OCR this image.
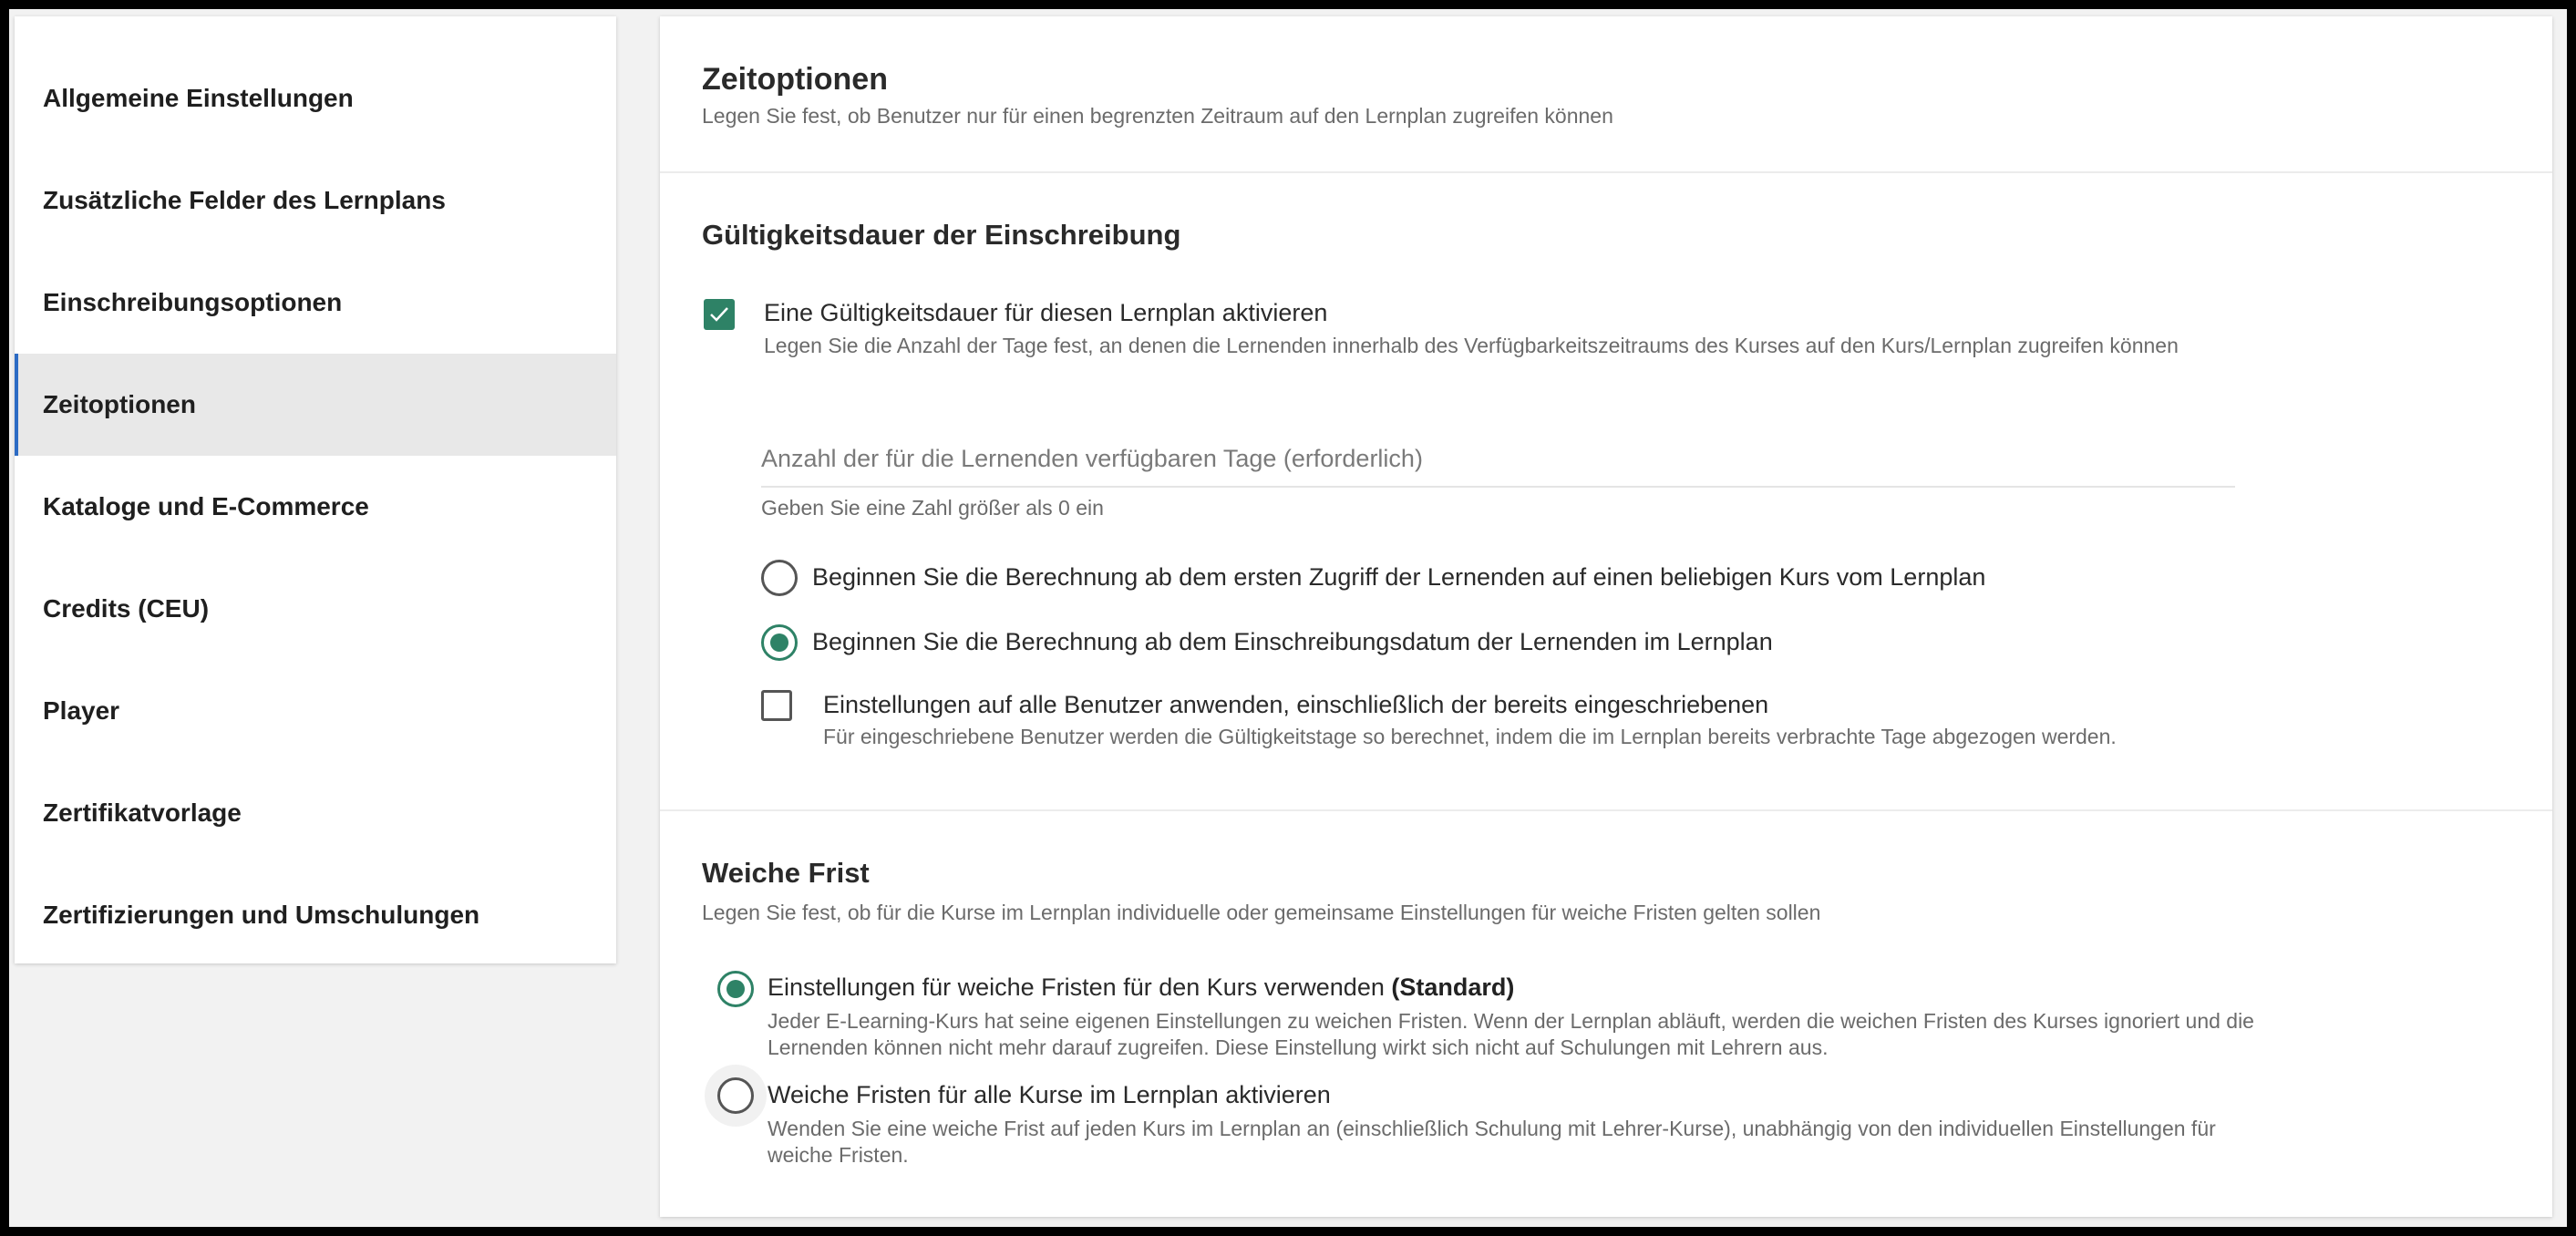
Allgemeine Einstellungen
Zusätzliche Felder des Lernplans
Einschreibungsoptionen
Zeitoptionen
Kataloge und E-Commerce
Credits (CEU)
Player
Zertifikatvorlage
Zertifizierungen und Umschulungen
Zeitoptionen

Legen Sie fest, ob Benutzer nur für einen begrenzten Zeitraum auf den Lernplan zugreifen können

Gültigkeitsdauer der Einschreibung
Eine Gültigkeitsdauer für diesen Lernplan aktivieren

Legen Sie die Anzahl der Tage fest, an denen die Lernenden innerhalb des Verfügbarkeitszeitraums des Kurses auf den Kurs/Lernplan zugreifen können

Anzahl der für die Lernenden verfügbaren Tage (erforderlich)
Geben Sie eine Zahl größer als 0 ein
Beginnen Sie die Berechnung ab dem ersten Zugriff der Lernenden auf einen beliebigen Kurs vom Lernplan
Beginnen Sie die Berechnung ab dem Einschreibungsdatum der Lernenden im Lernplan
Einstellungen auf alle Benutzer anwenden, einschließlich der bereits eingeschriebenen

Für eingeschriebene Benutzer werden die Gültigkeitstage so berechnet, indem die im Lernplan bereits verbrachte Tage abgezogen werden.

Weiche Frist

Legen Sie fest, ob für die Kurse im Lernplan individuelle oder gemeinsame Einstellungen für weiche Fristen gelten sollen

Einstellungen für weiche Fristen für den Kurs verwenden (Standard)

Jeder E-Learning-Kurs hat seine eigenen Einstellungen zu weichen Fristen. Wenn der Lernplan abläuft, werden die weichen Fristen des Kurses ignoriert und die Lernenden können nicht mehr darauf zugreifen. Diese Einstellung wirkt sich nicht auf Schulungen mit Lehrern aus.

Weiche Fristen für alle Kurse im Lernplan aktivieren

Wenden Sie eine weiche Frist auf jeden Kurs im Lernplan an (einschließlich Schulung mit Lehrer-Kurse), unabhängig von den individuellen Einstellungen für weiche Fristen.
